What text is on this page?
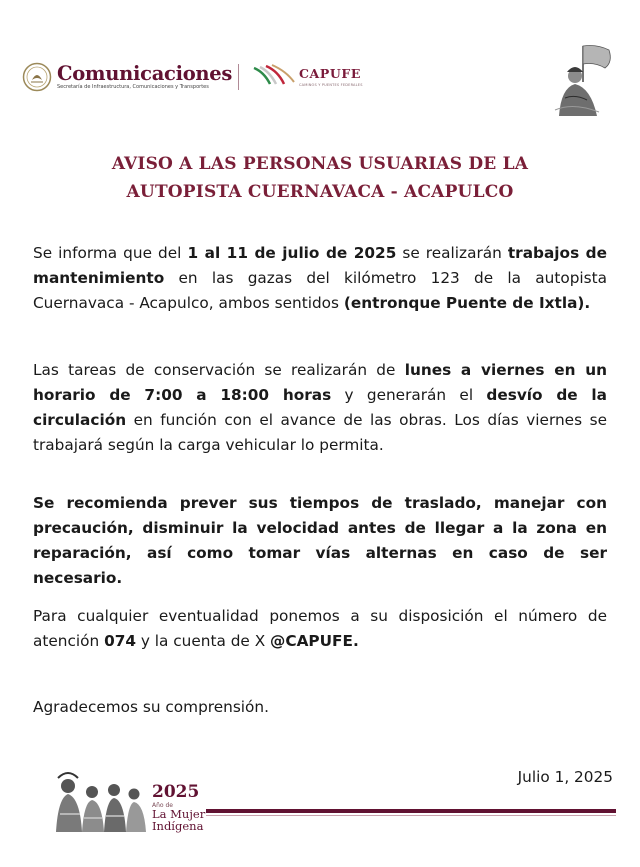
Comunicaciones
Secretaría de Infraestructura, Comunicaciones y Transportes
CAPUFE
CAMINOS Y PUENTES FEDERALES
AVISO A LAS PERSONAS USUARIAS DE LA
AUTOPISTA CUERNAVACA - ACAPULCO

Se informa que del 1 al 11 de julio de 2025 se realizarán trabajos de mantenimiento en las gazas del kilómetro 123 de la autopista Cuernavaca - Acapulco, ambos sentidos (entronque Puente de Ixtla).

Las tareas de conservación se realizarán de lunes a viernes en un horario de 7:00 a 18:00 horas y generarán el desvío de la circulación en función con el avance de las obras. Los días viernes se trabajará según la carga vehicular lo permita.

Se recomienda prever sus tiempos de traslado, manejar con precaución, disminuir la velocidad antes de llegar a la zona en reparación, así como tomar vías alternas en caso de ser necesario.

Para cualquier eventualidad ponemos a su disposición el número de atención 074 y la cuenta de X @CAPUFE.

Agradecemos su comprensión.

Julio 1, 2025
2025
Año de
La Mujer
Indígena
